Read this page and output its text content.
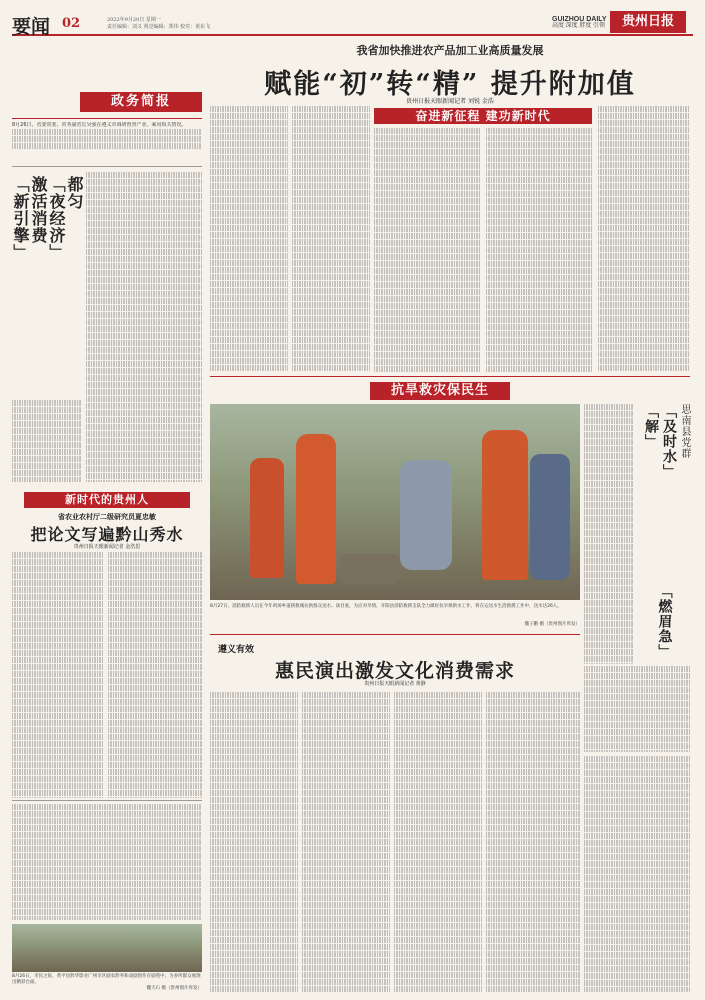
要闻 02	2022年9月20日 星期一
责任编辑：刘义 视觉编辑：郑伟 校对：黄东飞
GUIZHOU DAILY
高度 深度 胖度 引领	贵州日报
政务简报
8月26日，省委常委、常务副省长吴强在遵义市调研督查产业、乘用相关情况。

都匀
「夜经济」
激活消费
「新引擎」

新时代的贵州人
省农业农村厅二级研究员夏忠敏
把论文写遍黔山秀水
贵州日报天眼新闻记者 金浩思

8月26日，市民之际，黄平县黔华影业广州市区剧农黔务和戏剧创作在剧苑中，为多所群众展现出精彩台面。
魏天石 摄（贵州图片库发）
我省加快推进农产品加工业高质量发展
赋能“初”转“精” 提升附加值
贵州日报天眼新闻记者 刘锐 金浩

奋进新征程 建功新时代

抗旱救灾保民生
8月27日，消防救援人员在今年鸡场乡道援救城抗供群众送水。谈目底，为应对旱情，开阳县消防救援支队全力做好抗旱保供水工作，将在运送水生活救援工作中，送水达26人。
魏子鹏 摄（贵州图片库发）

思南县党群
「及时水」
「解」
「燃眉急」

遵义有效
惠民演出激发文化消费需求
贵州日报天眼新闻记者 黄静
